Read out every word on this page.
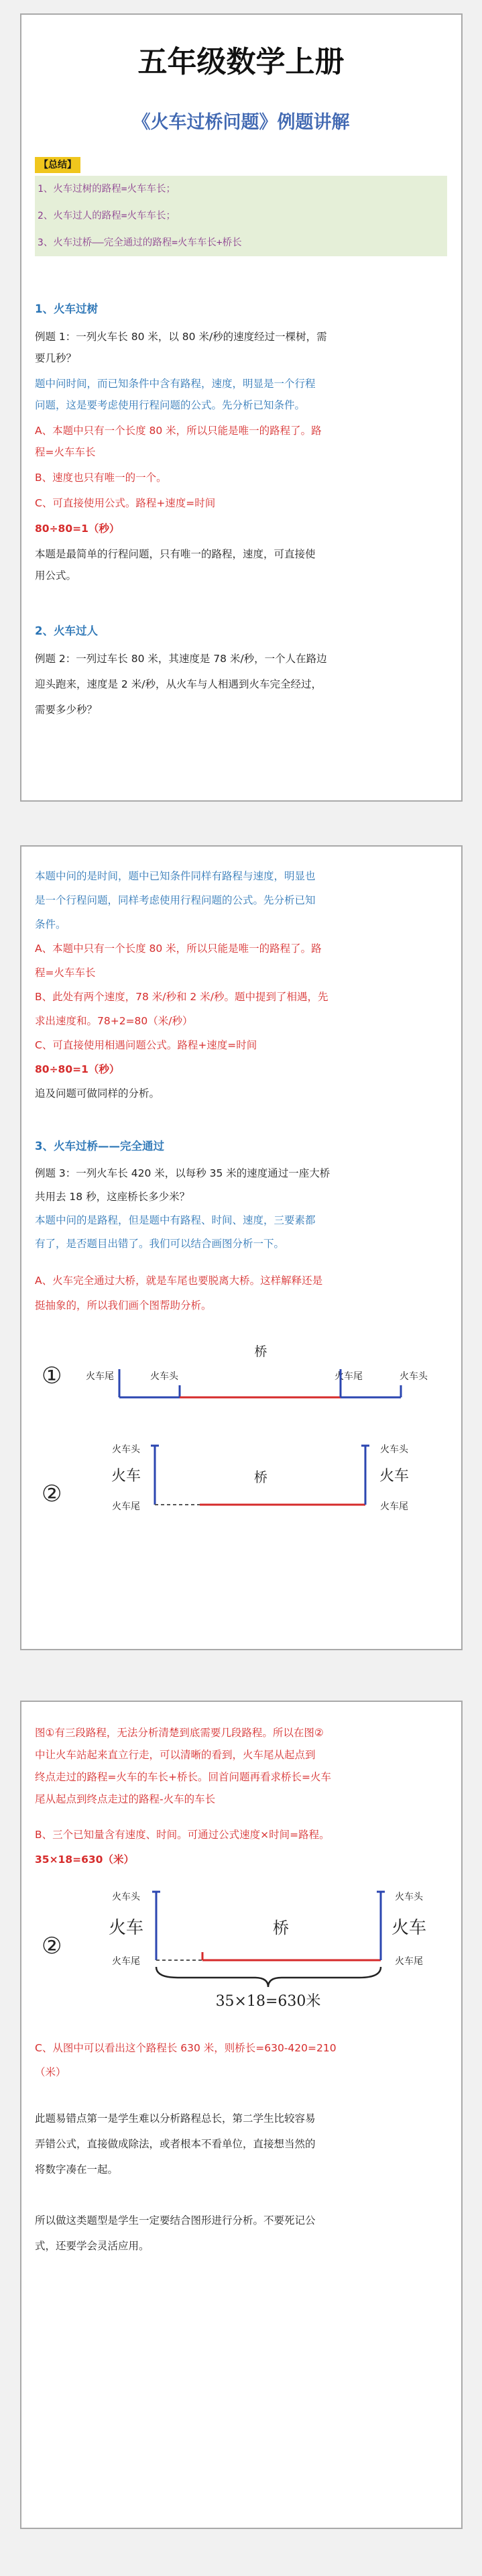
五年级数学上册
《火车过桥问题》例题讲解
【总结】
1、火车过树的路程=火车车长；
2、火车过人的路程=火车车长；
3、火车过桥——完全通过的路程=火车车长+桥长
1、火车过树
例题 1：一列火车长 80 米，以 80 米/秒的速度经过一棵树，需
要几秒？
题中问时间，而已知条件中含有路程，速度，明显是一个行程
问题，这是要考虑使用行程问题的公式。先分析已知条件。
A、本题中只有一个长度 80 米，所以只能是唯一的路程了。路
程=火车车长
B、速度也只有唯一的一个。
C、可直接使用公式。路程+速度=时间
80÷80=1（秒）
本题是最简单的行程问题，只有唯一的路程，速度，可直接使
用公式。
2、火车过人
例题 2：一列过车长 80 米，其速度是 78 米/秒，一个人在路边
迎头跑来，速度是 2 米/秒，从火车与人相遇到火车完全经过，
需要多少秒？
本题中问的是时间，题中已知条件同样有路程与速度，明显也
是一个行程问题，同样考虑使用行程问题的公式。先分析已知
条件。
A、本题中只有一个长度 80 米，所以只能是唯一的路程了。路
程=火车车长
B、此处有两个速度，78 米/秒和 2 米/秒。题中提到了相遇，先
求出速度和。78+2=80（米/秒）
C、可直接使用相遇问题公式。路程+速度=时间
80÷80=1（秒）
追及问题可做同样的分析。
3、火车过桥——完全通过
例题 3：一列火车长 420 米，以每秒 35 米的速度通过一座大桥
共用去 18 秒，这座桥长多少米？
本题中问的是路程，但是题中有路程、时间、速度，三要素都
有了，是否题目出错了。我们可以结合画图分析一下。
A、火车完全通过大桥，就是车尾也要脱离大桥。这样解释还是
挺抽象的，所以我们画个图帮助分析。
①
桥
火车尾	火车头	火车尾	火车头
②
火车头
火车
火车尾
桥
火车头
火车
火车尾
图①有三段路程，无法分析清楚到底需要几段路程。所以在图②
中让火车站起来直立行走，可以清晰的看到，火车尾从起点到
终点走过的路程=火车的车长+桥长。回首问题再看求桥长=火车
尾从起点到终点走过的路程-火车的车长
B、三个已知量含有速度、时间。可通过公式速度×时间=路程。
35×18=630（米）
②
火车头
火车
火车尾
桥
火车头
火车
火车尾
35×18=630米
C、从图中可以看出这个路程长 630 米，则桥长=630-420=210
（米）
此题易错点第一是学生难以分析路程总长，第二学生比较容易
弄错公式，直接做成除法，或者根本不看单位，直接想当然的
将数字凑在一起。
所以做这类题型是学生一定要结合图形进行分析。不要死记公
式，还要学会灵活应用。
